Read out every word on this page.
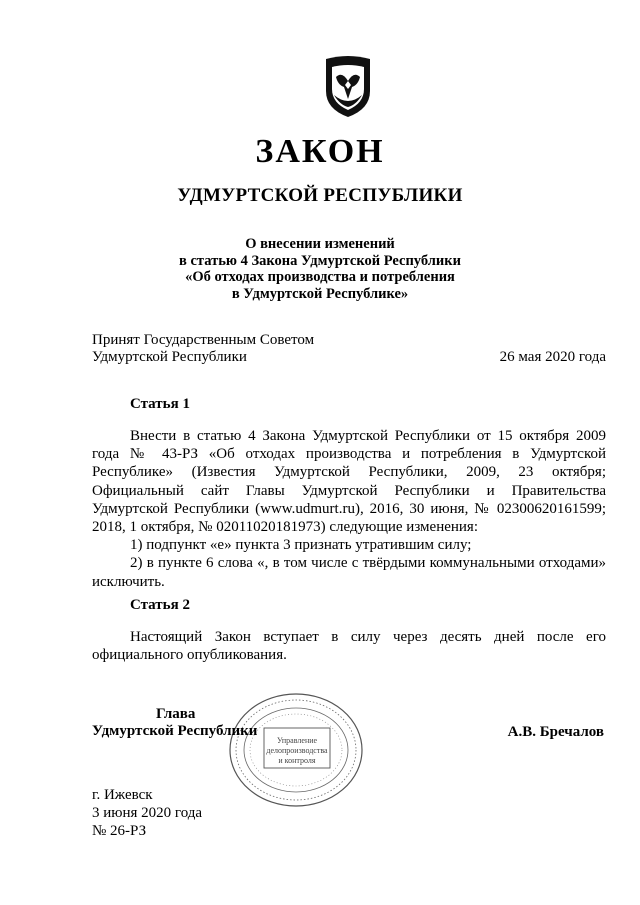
ЗАКОН
УДМУРТСКОЙ РЕСПУБЛИКИ
О внесении изменений
в статью 4 Закона Удмуртской Республики
«Об отходах производства и потребления
в Удмуртской Республике»
Принят Государственным Советом
Удмуртской Республики	26 мая 2020 года
Статья 1

Внести в статью 4 Закона Удмуртской Республики от 15 октября 2009 года № 43-РЗ «Об отходах производства и потребления в Удмуртской Республике» (Известия Удмуртской Республики, 2009, 23 октября; Официальный сайт Главы Удмуртской Республики и Правительства Удмуртской Республики (www.udmurt.ru), 2016, 30 июня, № 02300620161599; 2018, 1 октября, № 02011020181973) следующие изменения:

1) подпункт «е» пункта 3 признать утратившим силу;

2) в пункте 6 слова «, в том числе с твёрдыми коммунальными отходами» исключить.

Статья 2

Настоящий Закон вступает в силу через десять дней после его официального опубликования.

Управление
делопроизводства
и контроля
Глава
Удмуртской Республики	А.В. Бречалов
г. Ижевск
3 июня 2020 года
№ 26-РЗ
